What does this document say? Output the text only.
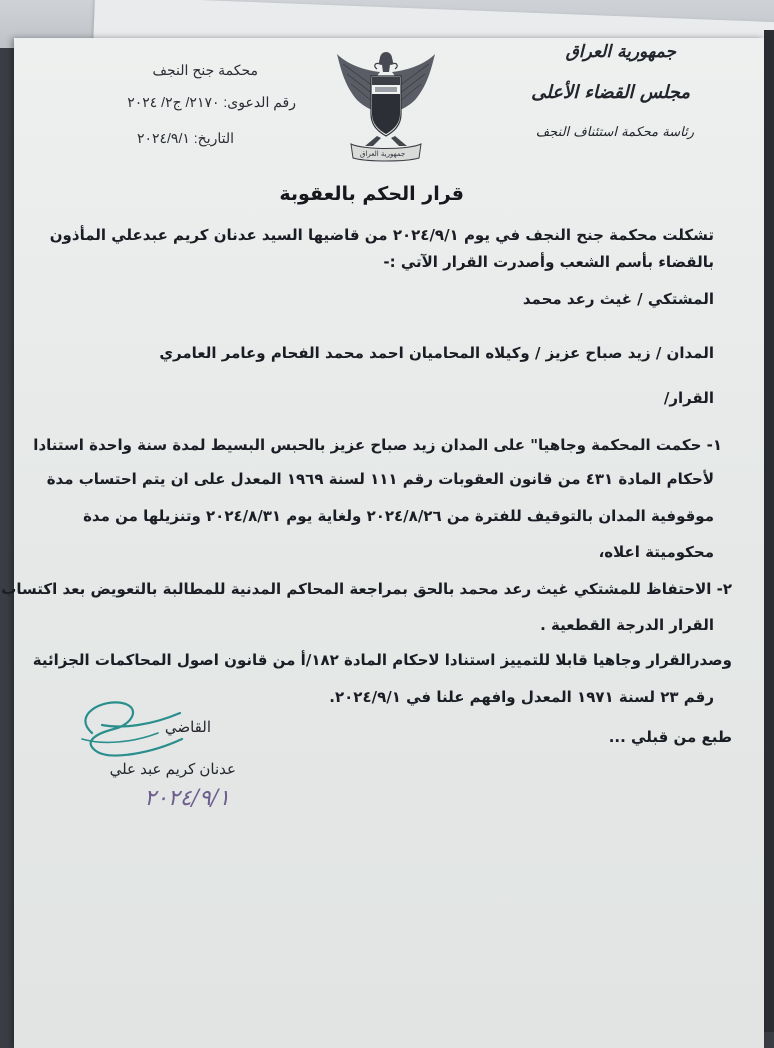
جمهورية العراق
مجلس القضاء الأعلى
رئاسة محكمة استئناف النجف
محكمة جنح النجف
رقم الدعوى: ٢١٧٠/ ج٢/ ٢٠٢٤
التاريخ: ٢٠٢٤/٩/١
قرار الحكم بالعقوبة
تشكلت محكمة جنح النجف في يوم ٢٠٢٤/٩/١ من قاضيها السيد عدنان كريم عبدعلي المأذون
بالقضاء بأسم الشعب وأصدرت القرار الآتي :-
المشتكي / غيث رعد محمد
المدان / زيد صباح عزيز / وكيلاه المحاميان احمد محمد الفحام وعامر العامري
القرار/
١- حكمت المحكمة وجاهيا" على المدان زيد صباح عزيز بالحبس البسيط لمدة سنة واحدة استنادا
لأحكام المادة ٤٣١ من قانون العقوبات رقم ١١١ لسنة ١٩٦٩ المعدل على ان يتم احتساب مدة
موقوفية المدان بالتوقيف للفترة من ٢٠٢٤/٨/٢٦ ولغاية يوم ٢٠٢٤/٨/٣١ وتنزيلها من مدة
محكوميتة اعلاه،
٢- الاحتفاظ للمشتكي غيث رعد محمد بالحق بمراجعة المحاكم المدنية للمطالبة بالتعويض بعد اكتساب
القرار الدرجة القطعية .
وصدرالقرار وجاهيا قابلا للتمييز استنادا لاحكام المادة ١٨٢/أ من قانون اصول المحاكمات الجزائية
رقم ٢٣ لسنة ١٩٧١ المعدل وافهم علنا في ٢٠٢٤/٩/١.
طبع من قبلي ...
القاضي
عدنان كريم عبد علي
٢٠٢٤/٩/١
جمهورية العراق
